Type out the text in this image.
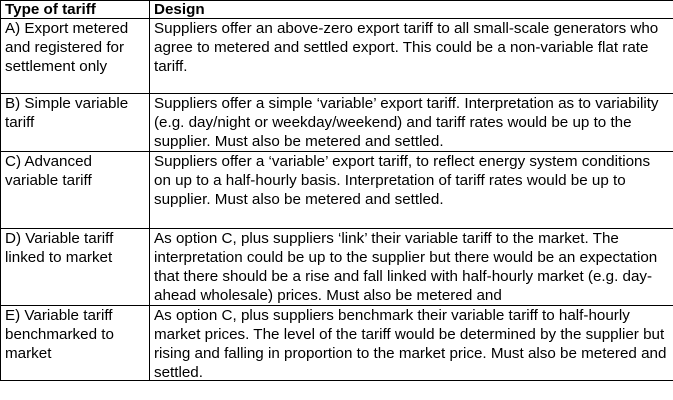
Type of tariff	Design

A) Export metered and registered for settlement only	Suppliers offer an above-zero export tariff to all small-scale generators who agree to metered and settled export. This could be a non-variable flat rate tariff.

B) Simple variable tariff	Suppliers offer a simple ‘variable’ export tariff. Interpretation as to variability (e.g. day/night or weekday/weekend) and tariff rates would be up to the supplier. Must also be metered and settled.

C) Advanced variable tariff	Suppliers offer a ‘variable’ export tariff, to reflect energy system conditions on up to a half-hourly basis. Interpretation of tariff rates would be up to supplier. Must also be metered and settled.

D) Variable tariff linked to market	As option C, plus suppliers ‘link’ their variable tariff to the market. The interpretation could be up to the supplier but there would be an expectation that there should be a rise and fall linked with half-hourly market (e.g. day-ahead wholesale) prices. Must also be metered and

E) Variable tariff benchmarked to market	As option C, plus suppliers benchmark their variable tariff to half-hourly market prices. The level of the tariff would be determined by the supplier but rising and falling in proportion to the market price. Must also be metered and settled.
